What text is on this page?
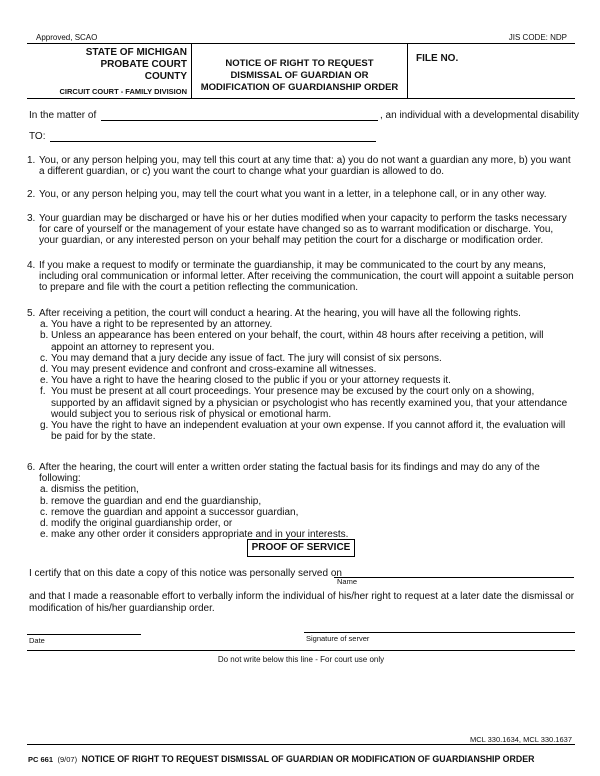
Approved, SCAO	JIS CODE: NDP
STATE OF MICHIGAN
PROBATE COURT
COUNTY
CIRCUIT COURT - FAMILY DIVISION
NOTICE OF RIGHT TO REQUEST
DISMISSAL OF GUARDIAN OR
MODIFICATION OF GUARDIANSHIP ORDER
FILE NO.
In the matter of	, an individual with a developmental disability
TO:
1. You, or any person helping you, may tell this court at any time that: a) you do not want a guardian any more, b) you want a different guardian, or c) you want the court to change what your guardian is allowed to do.
2. You, or any person helping you, may tell the court what you want in a letter, in a telephone call, or in any other way.
3. Your guardian may be discharged or have his or her duties modified when your capacity to perform the tasks necessary for care of yourself or the management of your estate have changed so as to warrant modification or discharge. You, your guardian, or any interested person on your behalf may petition the court for a discharge or modification order.
4. If you make a request to modify or terminate the guardianship, it may be communicated to the court by any means, including oral communication or informal letter. After receiving the communication, the court will appoint a suitable person to prepare and file with the court a petition reflecting the communication.
5. After receiving a petition, the court will conduct a hearing. At the hearing, you will have all the following rights.
a. You have a right to be represented by an attorney.
b. Unless an appearance has been entered on your behalf, the court, within 48 hours after receiving a petition, will appoint an attorney to represent you.
c. You may demand that a jury decide any issue of fact. The jury will consist of six persons.
d. You may present evidence and confront and cross-examine all witnesses.
e. You have a right to have the hearing closed to the public if you or your attorney requests it.
f. You must be present at all court proceedings. Your presence may be excused by the court only on a showing, supported by an affidavit signed by a physician or psychologist who has recently examined you, that your attendance would subject you to serious risk of physical or emotional harm.
g. You have the right to have an independent evaluation at your own expense. If you cannot afford it, the evaluation will be paid for by the state.
6. After the hearing, the court will enter a written order stating the factual basis for its findings and may do any of the following:
a. dismiss the petition,
b. remove the guardian and end the guardianship,
c. remove the guardian and appoint a successor guardian,
d. modify the original guardianship order, or
e. make any other order it considers appropriate and in your interests.
PROOF OF SERVICE
I certify that on this date a copy of this notice was personally served on
Name
and that I made a reasonable effort to verbally inform the individual of his/her right to request at a later date the dismissal or modification of his/her guardianship order.
Date	Signature of server
Do not write below this line - For court use only
MCL 330.1634, MCL 330.1637
PC 661 (9/07) NOTICE OF RIGHT TO REQUEST DISMISSAL OF GUARDIAN OR MODIFICATION OF GUARDIANSHIP ORDER
